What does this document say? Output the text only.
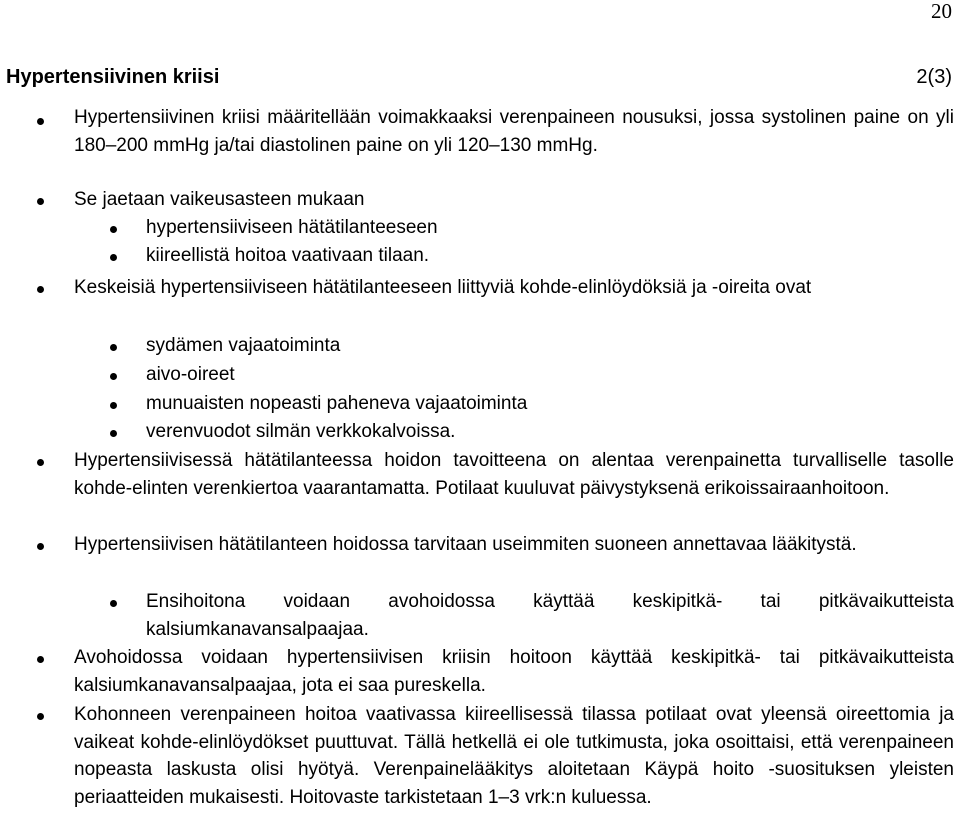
20
Hypertensiivinen kriisi	2(3)
Hypertensiivinen kriisi määritellään voimakkaaksi verenpaineen nousuksi, jossa systolinen paine on yli 180–200 mmHg ja/tai diastolinen paine on yli 120–130 mmHg.
Se jaetaan vaikeusasteen mukaan
hypertensiiviseen hätätilanteeseen
kiireellistä hoitoa vaativaan tilaan.
Keskeisiä hypertensiiviseen hätätilanteeseen liittyviä kohde-elinlöydöksiä ja -oireita ovat
sydämen vajaatoiminta
aivo-oireet
munuaisten nopeasti paheneva vajaatoiminta
verenvuodot silmän verkkokalvoissa.
Hypertensiivisessä hätätilanteessa hoidon tavoitteena on alentaa verenpainetta turvalliselle tasolle kohde-elinten verenkiertoa vaarantamatta. Potilaat kuuluvat päivystyksenä erikoissairaanhoitoon.
Hypertensiivisen hätätilanteen hoidossa tarvitaan useimmiten suoneen annettavaa lääkitystä.
Ensihoitona voidaan avohoidossa käyttää keskipitkä- tai pitkävaikutteista kalsiumkanavansalpaajaa.
Avohoidossa voidaan hypertensiivisen kriisin hoitoon käyttää keskipitkä- tai pitkävaikutteista kalsiumkanavansalpaajaa, jota ei saa pureskella.
Kohonneen verenpaineen hoitoa vaativassa kiireellisessä tilassa potilaat ovat yleensä oireettomia ja vaikeat kohde-elinlöydökset puuttuvat. Tällä hetkellä ei ole tutkimusta, joka osoittaisi, että verenpaineen nopeasta laskusta olisi hyötyä. Verenpainelääkitys aloitetaan Käypä hoito -suosituksen yleisten periaatteiden mukaisesti. Hoitovaste tarkistetaan 1–3 vrk:n kuluessa.
